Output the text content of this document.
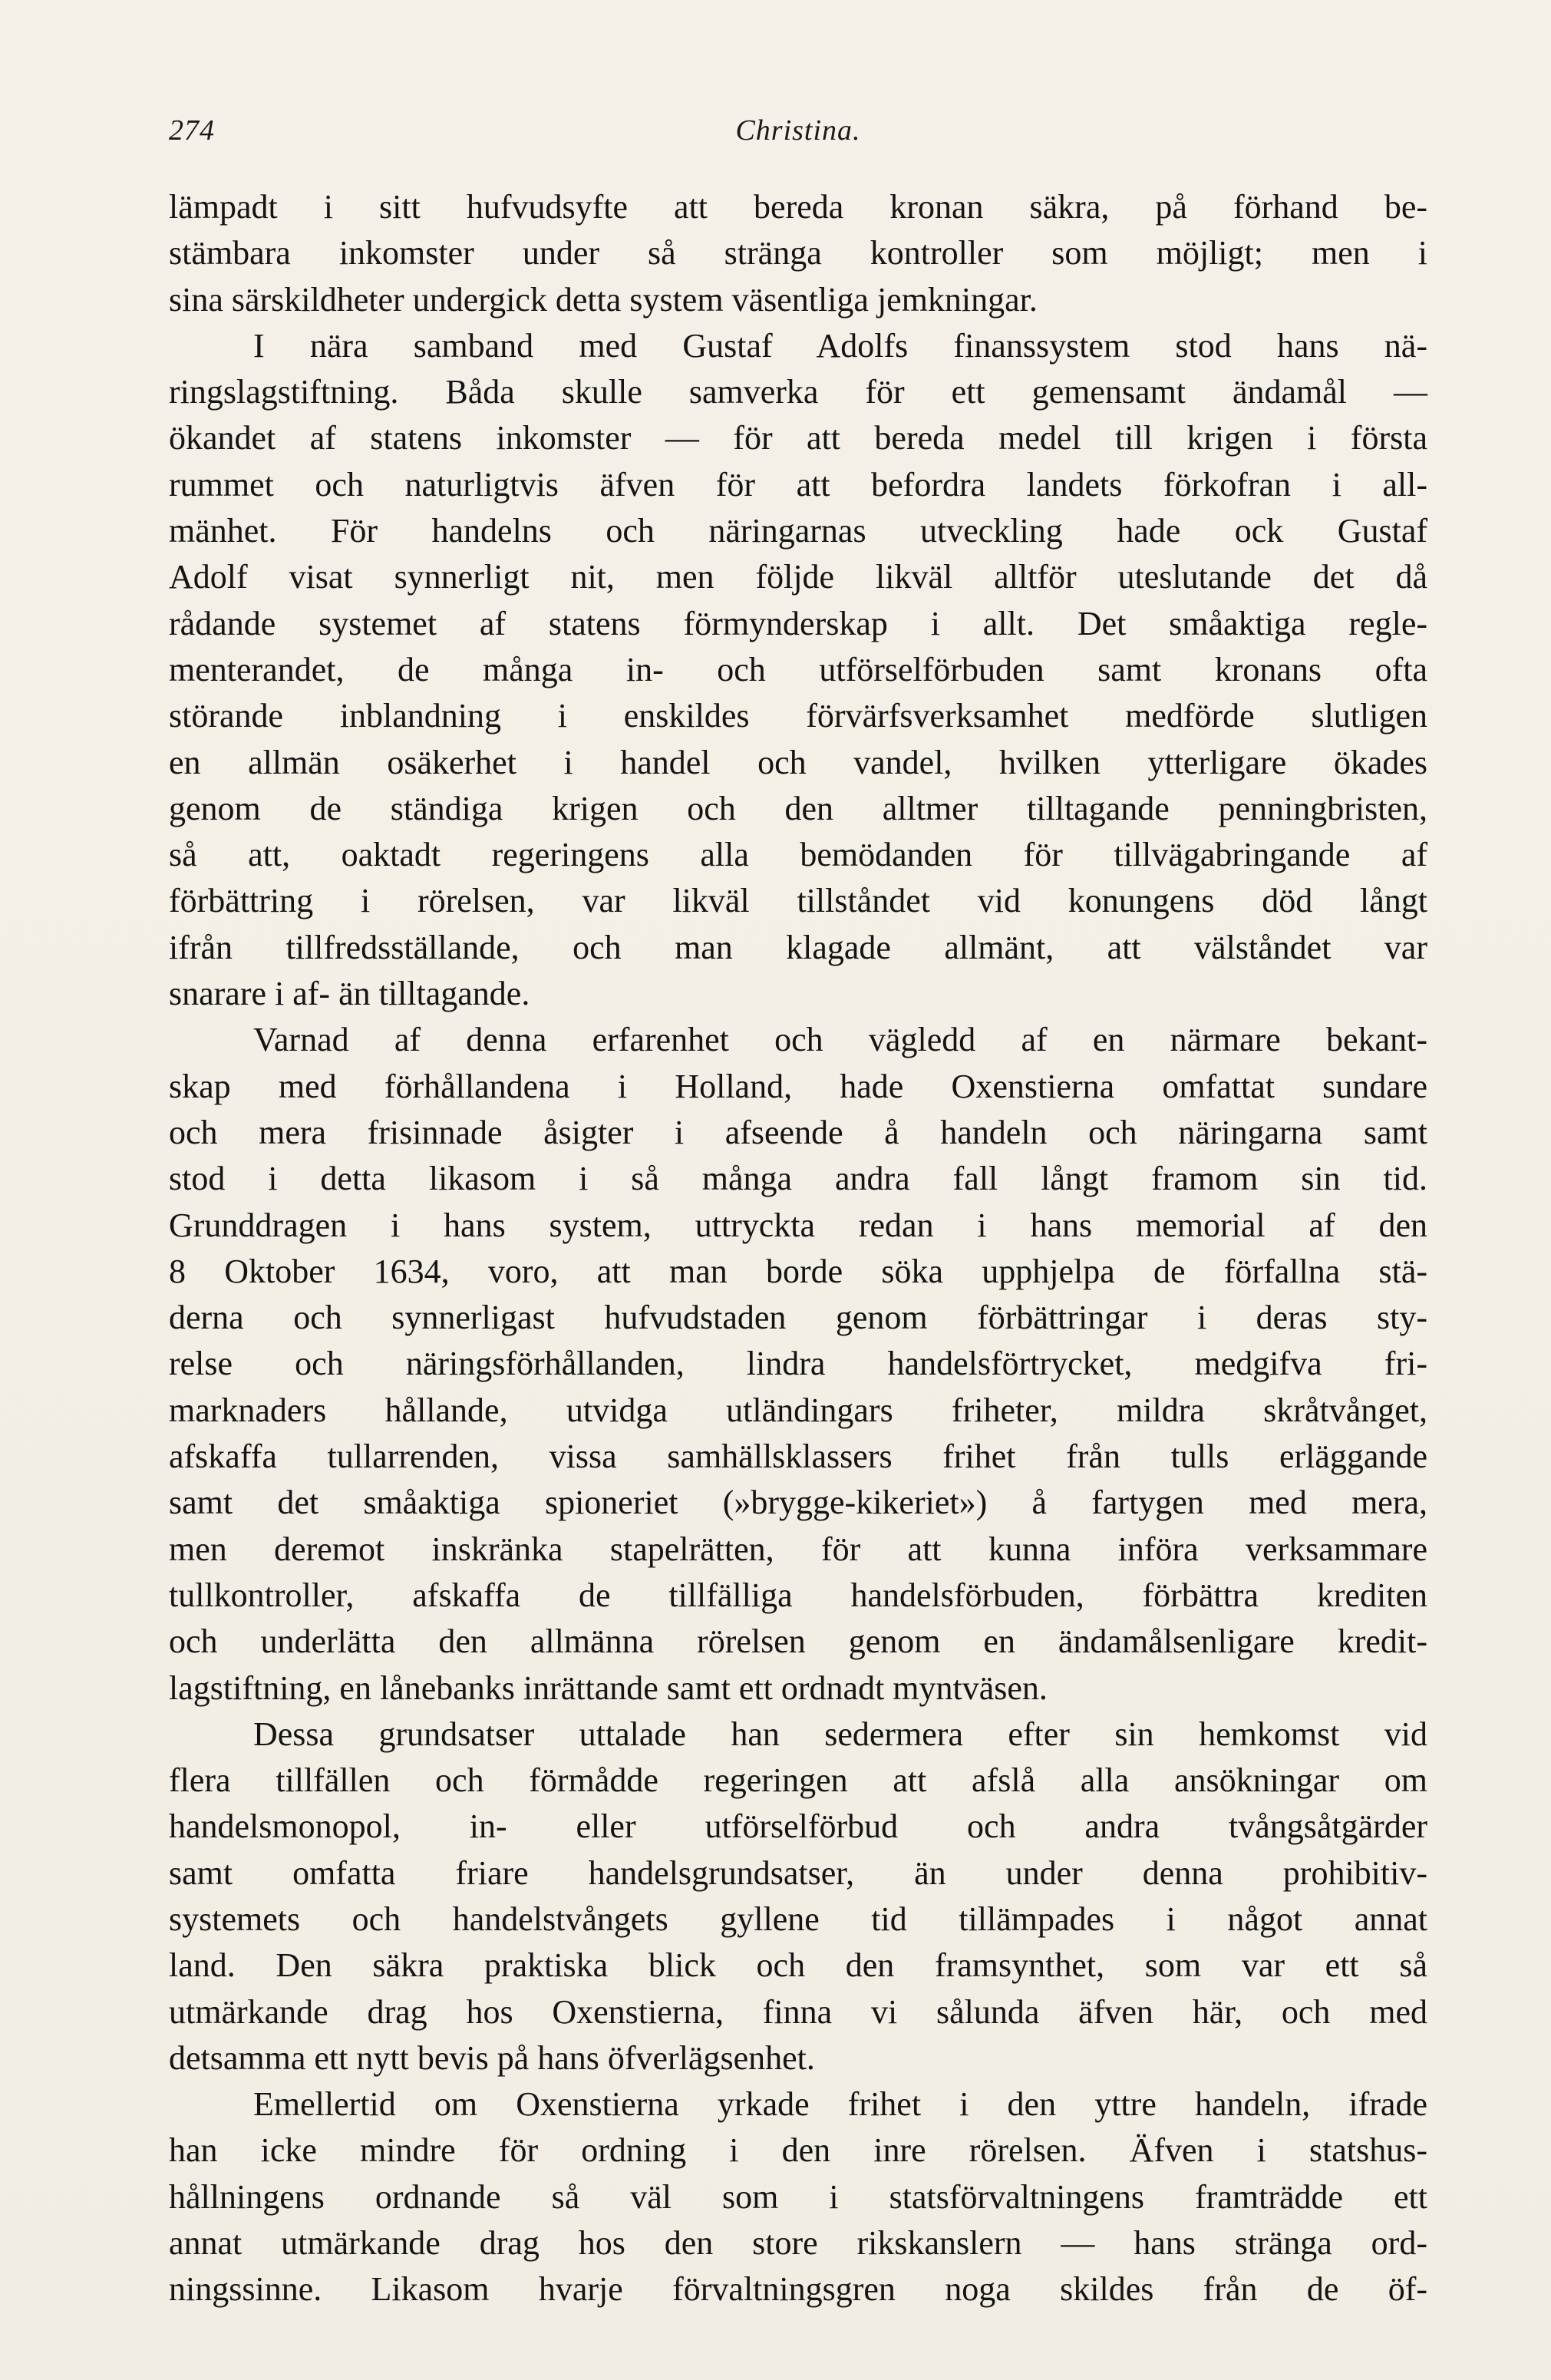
274	Christina.

lämpadt i sitt hufvudsyfte att bereda kronan säkra, på förhand be-
stämbara inkomster under så stränga kontroller som möjligt; men i
sina särskildheter undergick detta system väsentliga jemkningar.

I nära samband med Gustaf Adolfs finanssystem stod hans nä-
ringslagstiftning. Båda skulle samverka för ett gemensamt ändamål —
ökandet af statens inkomster — för att bereda medel till krigen i första
rummet och naturligtvis äfven för att befordra landets förkofran i all-
mänhet. För handelns och näringarnas utveckling hade ock Gustaf
Adolf visat synnerligt nit, men följde likväl alltför uteslutande det då
rådande systemet af statens förmynderskap i allt. Det småaktiga regle-
menterandet, de många in- och utförselförbuden samt kronans ofta
störande inblandning i enskildes förvärfsverksamhet medförde slutligen
en allmän osäkerhet i handel och vandel, hvilken ytterligare ökades
genom de ständiga krigen och den alltmer tilltagande penningbristen,
så att, oaktadt regeringens alla bemödanden för tillvägabringande af
förbättring i rörelsen, var likväl tillståndet vid konungens död långt
ifrån tillfredsställande, och man klagade allmänt, att välståndet var
snarare i af- än tilltagande.

Varnad af denna erfarenhet och vägledd af en närmare bekant-
skap med förhållandena i Holland, hade Oxenstierna omfattat sundare
och mera frisinnade åsigter i afseende å handeln och näringarna samt
stod i detta likasom i så många andra fall långt framom sin tid.
Grunddragen i hans system, uttryckta redan i hans memorial af den
8 Oktober 1634, voro, att man borde söka upphjelpa de förfallna stä-
derna och synnerligast hufvudstaden genom förbättringar i deras sty-
relse och näringsförhållanden, lindra handelsförtrycket, medgifva fri-
marknaders hållande, utvidga utländingars friheter, mildra skråtvånget,
afskaffa tullarrenden, vissa samhällsklassers frihet från tulls erläggande
samt det småaktiga spioneriet (»brygge-kikeriet») å fartygen med mera,
men deremot inskränka stapelrätten, för att kunna införa verksammare
tullkontroller, afskaffa de tillfälliga handelsförbuden, förbättra krediten
och underlätta den allmänna rörelsen genom en ändamålsenligare kredit-
lagstiftning, en lånebanks inrättande samt ett ordnadt myntväsen.

Dessa grundsatser uttalade han sedermera efter sin hemkomst vid
flera tillfällen och förmådde regeringen att afslå alla ansökningar om
handelsmonopol, in- eller utförselförbud och andra tvångsåtgärder
samt omfatta friare handelsgrundsatser, än under denna prohibitiv-
systemets och handelstvångets gyllene tid tillämpades i något annat
land. Den säkra praktiska blick och den framsynthet, som var ett så
utmärkande drag hos Oxenstierna, finna vi sålunda äfven här, och med
detsamma ett nytt bevis på hans öfverlägsenhet.

Emellertid om Oxenstierna yrkade frihet i den yttre handeln, ifrade
han icke mindre för ordning i den inre rörelsen. Äfven i statshus-
hållningens ordnande så väl som i statsförvaltningens framträdde ett
annat utmärkande drag hos den store rikskanslern — hans stränga ord-
ningssinne. Likasom hvarje förvaltningsgren noga skildes från de öf-
